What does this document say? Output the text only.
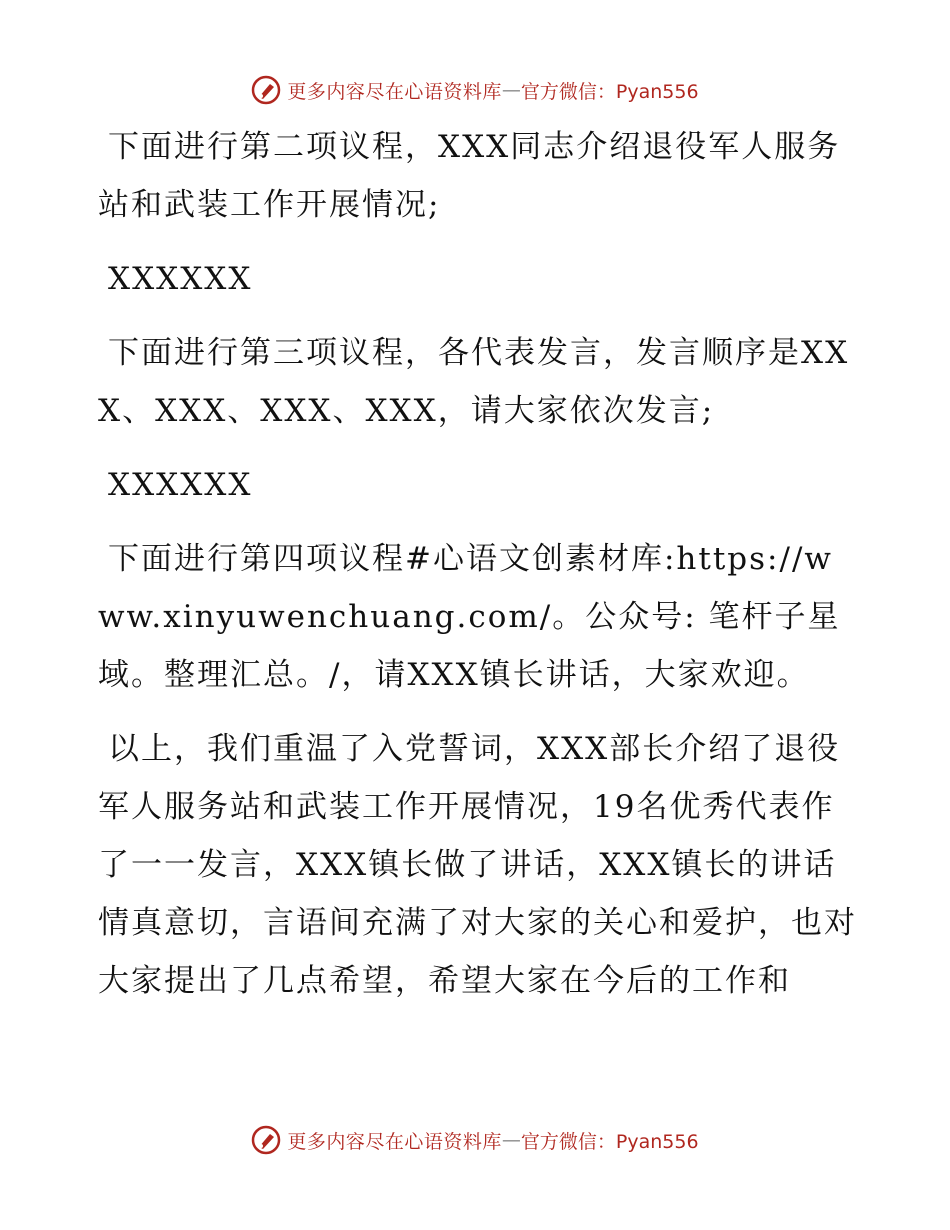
更多内容尽在心语资料库 — 官方微信：Pyan556

下面进行第二项议程，XXX同志介绍退役军人服务站和武装工作开展情况;

XXXXXX

下面进行第三项议程，各代表发言，发言顺序是XXX、XXX、XXX、XXX，请大家依次发言;

XXXXXX

下面进行第四项议程#心语文创素材库:https://www.xinyuwenchuang.com/。公众号: 笔杆子星域。整理汇总。/，请XXX镇长讲话，大家欢迎。

以上，我们重温了入党誓词，XXX部长介绍了退役军人服务站和武装工作开展情况，19名优秀代表作了一一发言，XXX镇长做了讲话，XXX镇长的讲话情真意切，言语间充满了对大家的关心和爱护，也对大家提出了几点希望，希望大家在今后的工作和

更多内容尽在心语资料库 — 官方微信：Pyan556
